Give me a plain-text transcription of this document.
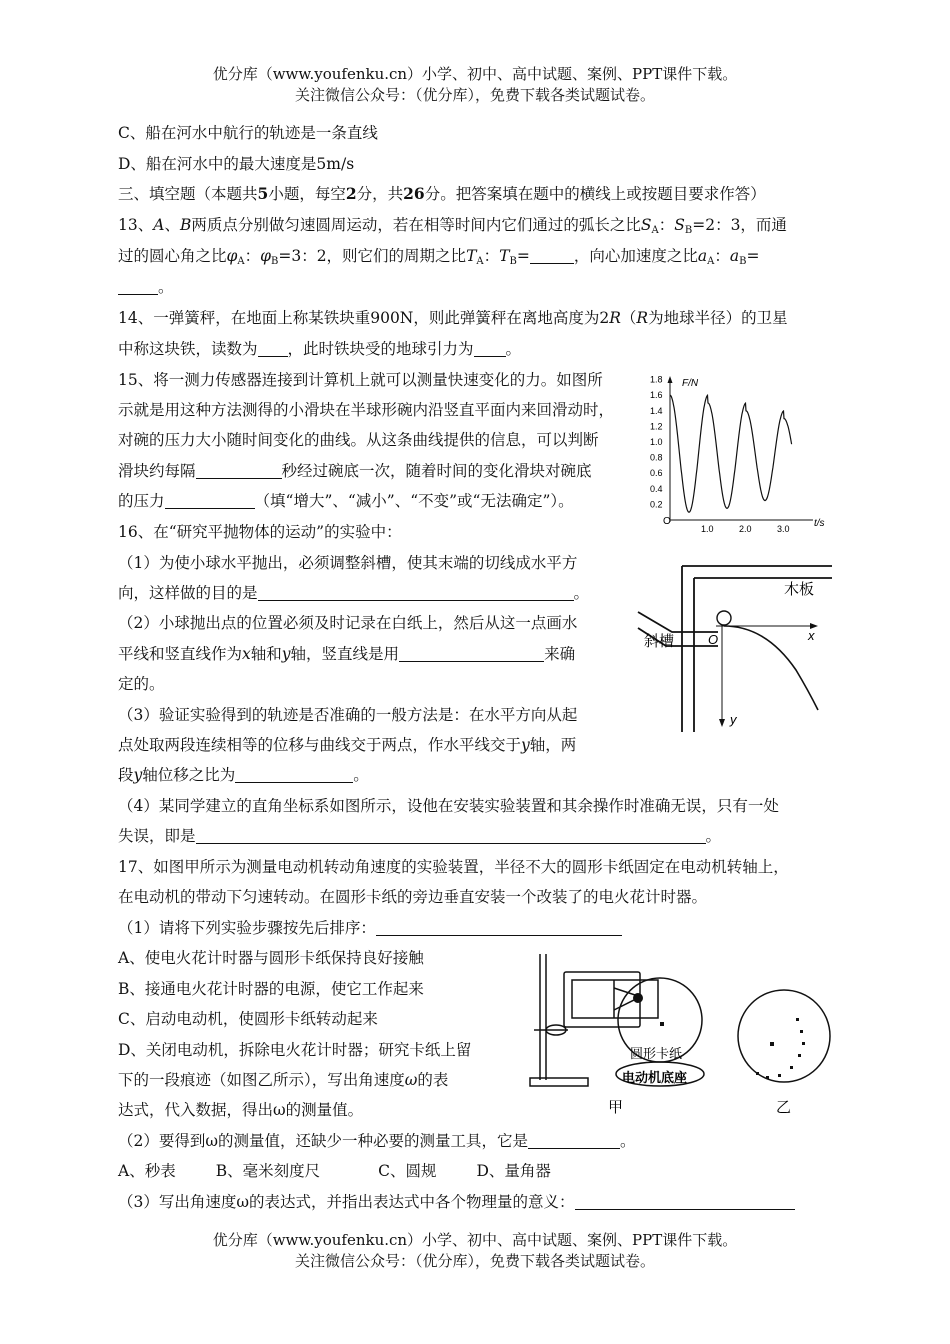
优分库（www.youfenku.cn）小学、初中、高中试题、案例、PPT课件下载。
关注微信公众号：（优分库），免费下载各类试题试卷。
C、船在河水中航行的轨迹是一条直线
D、船在河水中的最大速度是5m/s
三、填空题（本题共5小题，每空2分，共26分。把答案填在题中的横线上或按题目要求作答）
13、A、B两质点分别做匀速圆周运动，若在相等时间内它们通过的弧长之比$S_A$：$S_B=2$：3，而通
过的圆心角之比$\varphi_A$：$\varphi_B=3$：2，则它们的周期之比$T_A$：$T_B=$	，向心加速度之比$a_A$：$a_B=$
。
14、一弹簧秤，在地面上称某铁块重900N，则此弹簧秤在离地高度为2R（R为地球半径）的卫星
中称这块铁，读数为 ，此时铁块受的地球引力为 。
15、将一测力传感器连接到计算机上就可以测量快速变化的力。如图所
示就是用这种方法测得的小滑块在半球形碗内沿竖直平面内来回滑动时，
对碗的压力大小随时间变化的曲线。从这条曲线提供的信息，可以判断
滑块约每隔	秒经过碗底一次，随着时间的变化滑块对碗底
的压力	（填“增大”、“减小”、“不变”或“无法确定”）。
F/N
t/s
O
0.2
0.4
0.6
0.8
1.0
1.2
1.4
1.6
1.8
1.0	2.0	3.0
16、在“研究平抛物体的运动”的实验中：
（1）为使小球水平抛出，必须调整斜槽，使其末端的切线成水平方
向，这样做的目的是	。
（2）小球抛出点的位置必须及时记录在白纸上，然后从这一点画水
平线和竖直线作为x轴和y轴，竖直线是用	来确
定的。
（3）验证实验得到的轨迹是否准确的一般方法是：在水平方向从起
点处取两段连续相等的位移与曲线交于两点，作水平线交于y轴，两
段y轴位移之比为	。
（4）某同学建立的直角坐标系如图所示，设他在安装实验装置和其余操作时准确无误，只有一处
失误，即是	。
木板
斜槽	O	x
y
17、如图甲所示为测量电动机转动角速度的实验装置，半径不大的圆形卡纸固定在电动机转轴上，
在电动机的带动下匀速转动。在圆形卡纸的旁边垂直安装一个改装了的电火花计时器。
（1）请将下列实验步骤按先后排序：
A、使电火花计时器与圆形卡纸保持良好接触
B、接通电火花计时器的电源，使它工作起来
C、启动电动机，使圆形卡纸转动起来
D、关闭电动机，拆除电火花计时器；研究卡纸上留
下的一段痕迹（如图乙所示），写出角速度ω的表
达式，代入数据，得出ω的测量值。
（2）要得到ω的测量值，还缺少一种必要的测量工具，它是	。
A、秒表	B、毫米刻度尺	C、圆规	D、量角器
（3）写出角速度ω的表达式，并指出表达式中各个物理量的意义：
圆形卡纸
电动机底座
甲	乙
优分库（www.youfenku.cn）小学、初中、高中试题、案例、PPT课件下载。
关注微信公众号：（优分库），免费下载各类试题试卷。
